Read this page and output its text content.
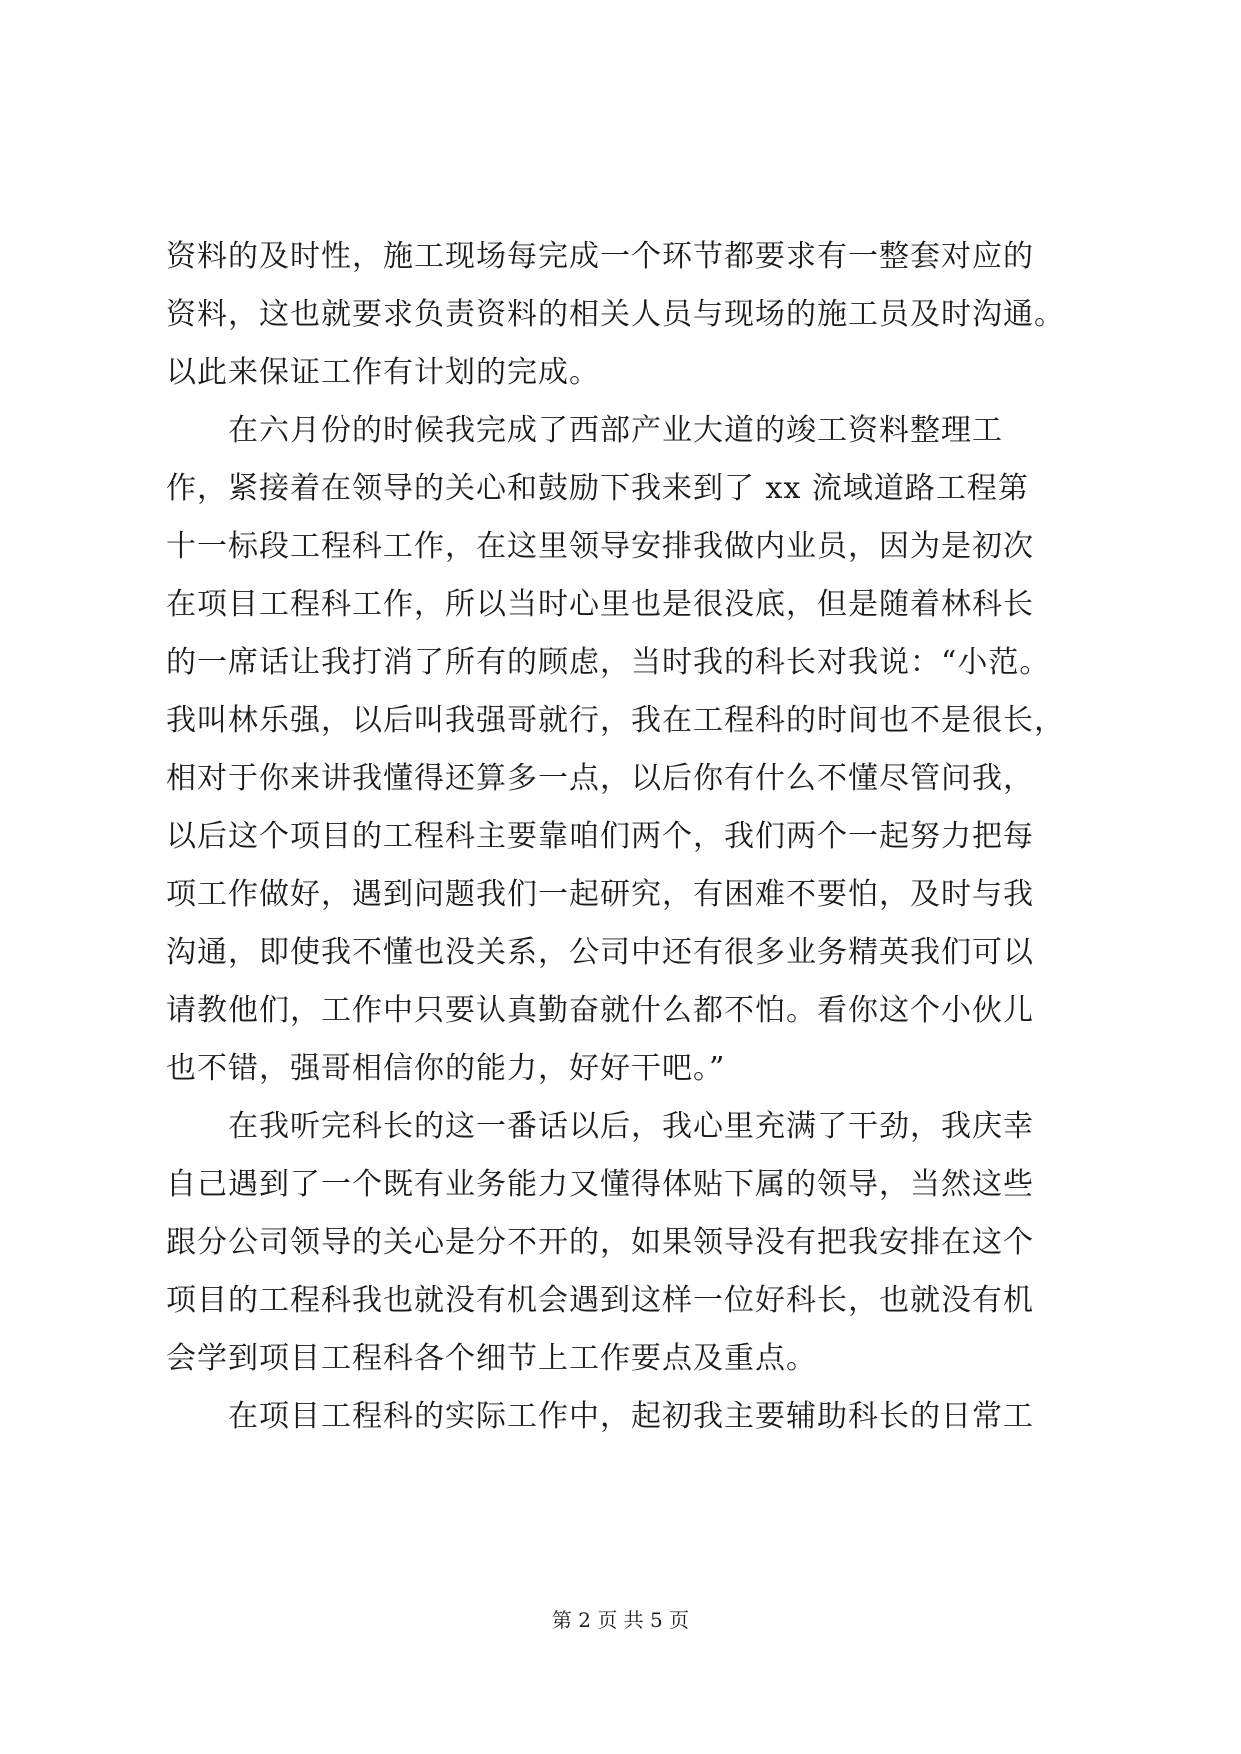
资料的及时性，施工现场每完成一个环节都要求有一整套对应的
资料，这也就要求负责资料的相关人员与现场的施工员及时沟通。
以此来保证工作有计划的完成。
　　在六月份的时候我完成了西部产业大道的竣工资料整理工
作，紧接着在领导的关心和鼓励下我来到了 xx 流域道路工程第
十一标段工程科工作，在这里领导安排我做内业员，因为是初次
在项目工程科工作，所以当时心里也是很没底，但是随着林科长
的一席话让我打消了所有的顾虑，当时我的科长对我说：“小范。
我叫林乐强，以后叫我强哥就行，我在工程科的时间也不是很长，
相对于你来讲我懂得还算多一点，以后你有什么不懂尽管问我，
以后这个项目的工程科主要靠咱们两个，我们两个一起努力把每
项工作做好，遇到问题我们一起研究，有困难不要怕，及时与我
沟通，即使我不懂也没关系，公司中还有很多业务精英我们可以
请教他们，工作中只要认真勤奋就什么都不怕。看你这个小伙儿
也不错，强哥相信你的能力，好好干吧。”
　　在我听完科长的这一番话以后，我心里充满了干劲，我庆幸
自己遇到了一个既有业务能力又懂得体贴下属的领导，当然这些
跟分公司领导的关心是分不开的，如果领导没有把我安排在这个
项目的工程科我也就没有机会遇到这样一位好科长，也就没有机
会学到项目工程科各个细节上工作要点及重点。
　　在项目工程科的实际工作中，起初我主要辅助科长的日常工
第 2 页 共 5 页
